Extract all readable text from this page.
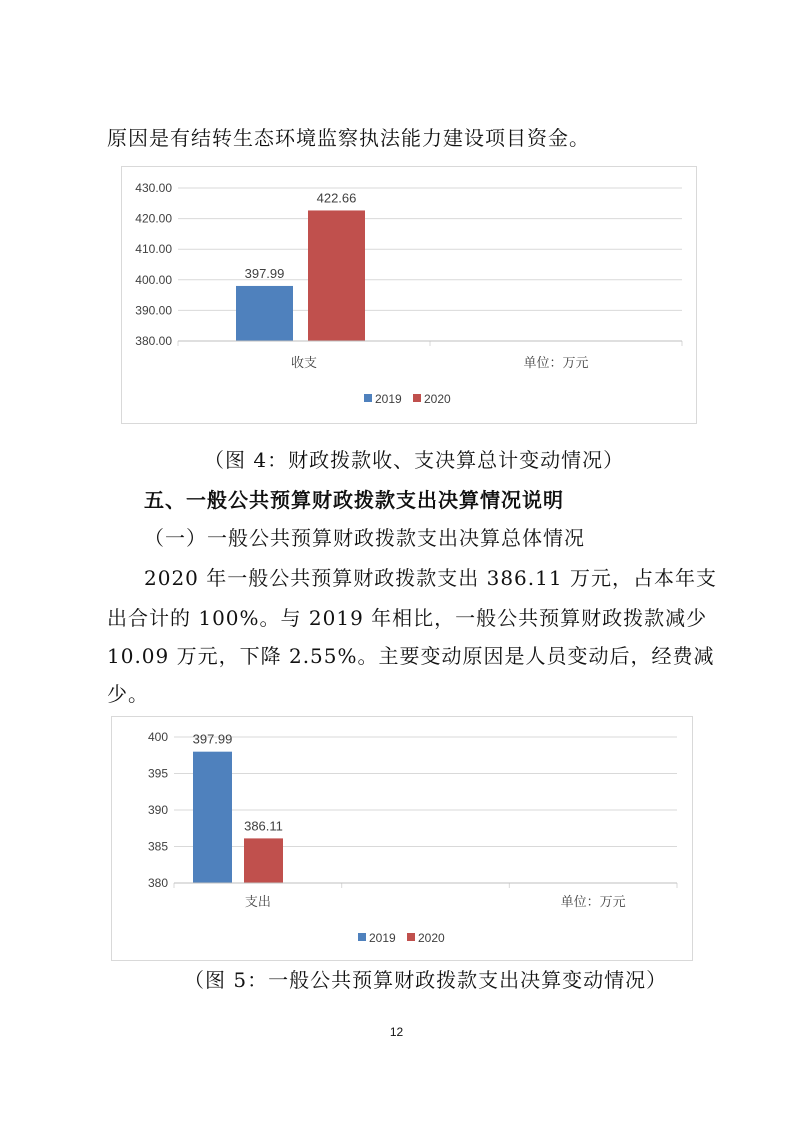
原因是有结转生态环境监察执法能力建设项目资金。
430.00
420.00
410.00
400.00
390.00
380.00
收支	单位：万元
397.99
422.66
2019 2020
（图 4：财政拨款收、支决算总计变动情况）
五、一般公共预算财政拨款支出决算情况说明
（一）一般公共预算财政拨款支出决算总体情况
2020 年一般公共预算财政拨款支出 386.11 万元，占本年支
出合计的 100%。与 2019 年相比，一般公共预算财政拨款减少
10.09 万元，下降 2.55%。主要变动原因是人员变动后，经费减
少。
400
395
390
385
380
支出	单位：万元
397.99
386.11
2019 2020
（图 5：一般公共预算财政拨款支出决算变动情况）
12
